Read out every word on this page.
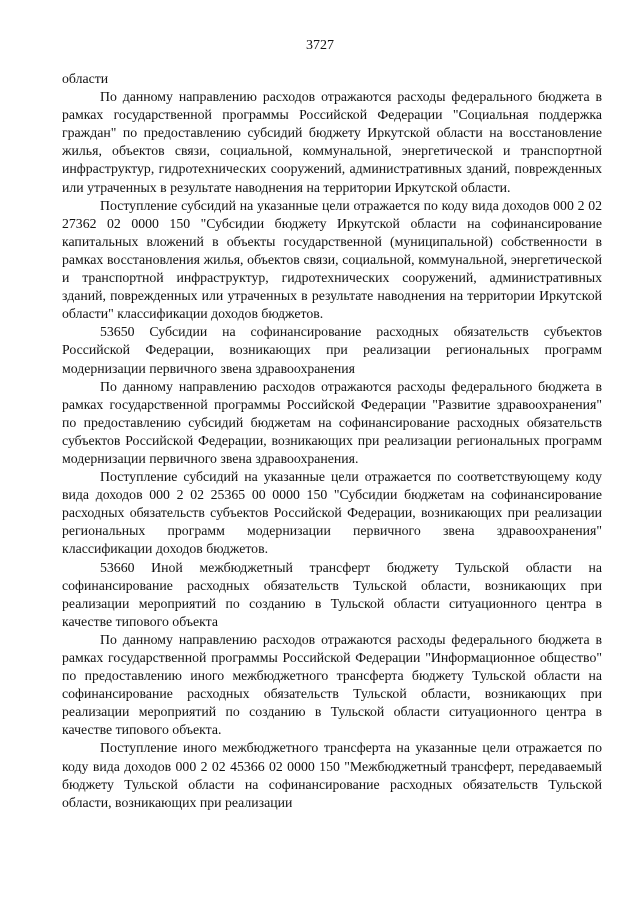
3727

области

По данному направлению расходов отражаются расходы федерального бюджета в рамках государственной программы Российской Федерации "Социальная поддержка граждан" по предоставлению субсидий бюджету Иркутской области на восстановление жилья, объектов связи, социальной, коммунальной, энергетической и транспортной инфраструктур, гидротехнических сооружений, административных зданий, поврежденных или утраченных в результате наводнения на территории Иркутской области.

Поступление субсидий на указанные цели отражается по коду вида доходов 000 2 02 27362 02 0000 150 "Субсидии бюджету Иркутской области на софинансирование капитальных вложений в объекты государственной (муниципальной) собственности в рамках восстановления жилья, объектов связи, социальной, коммунальной, энергетической и транспортной инфраструктур, гидротехнических сооружений, административных зданий, поврежденных или утраченных в результате наводнения на территории Иркутской области" классификации доходов бюджетов.

53650 Субсидии на софинансирование расходных обязательств субъектов Российской Федерации, возникающих при реализации региональных программ модернизации первичного звена здравоохранения

По данному направлению расходов отражаются расходы федерального бюджета в рамках государственной программы Российской Федерации "Развитие здравоохранения" по предоставлению субсидий бюджетам на софинансирование расходных обязательств субъектов Российской Федерации, возникающих при реализации региональных программ модернизации первичного звена здравоохранения.

Поступление субсидий на указанные цели отражается по соответствующему коду вида доходов 000 2 02 25365 00 0000 150 "Субсидии бюджетам на софинансирование расходных обязательств субъектов Российской Федерации, возникающих при реализации региональных программ модернизации первичного звена здравоохранения" классификации доходов бюджетов.

53660 Иной межбюджетный трансферт бюджету Тульской области на софинансирование расходных обязательств Тульской области, возникающих при реализации мероприятий по созданию в Тульской области ситуационного центра в качестве типового объекта

По данному направлению расходов отражаются расходы федерального бюджета в рамках государственной программы Российской Федерации "Информационное общество" по предоставлению иного межбюджетного трансферта бюджету Тульской области на софинансирование расходных обязательств Тульской области, возникающих при реализации мероприятий по созданию в Тульской области ситуационного центра в качестве типового объекта.

Поступление иного межбюджетного трансферта на указанные цели отражается по коду вида доходов 000 2 02 45366 02 0000 150 "Межбюджетный трансферт, передаваемый бюджету Тульской области на софинансирование расходных обязательств Тульской области, возникающих при реализации
